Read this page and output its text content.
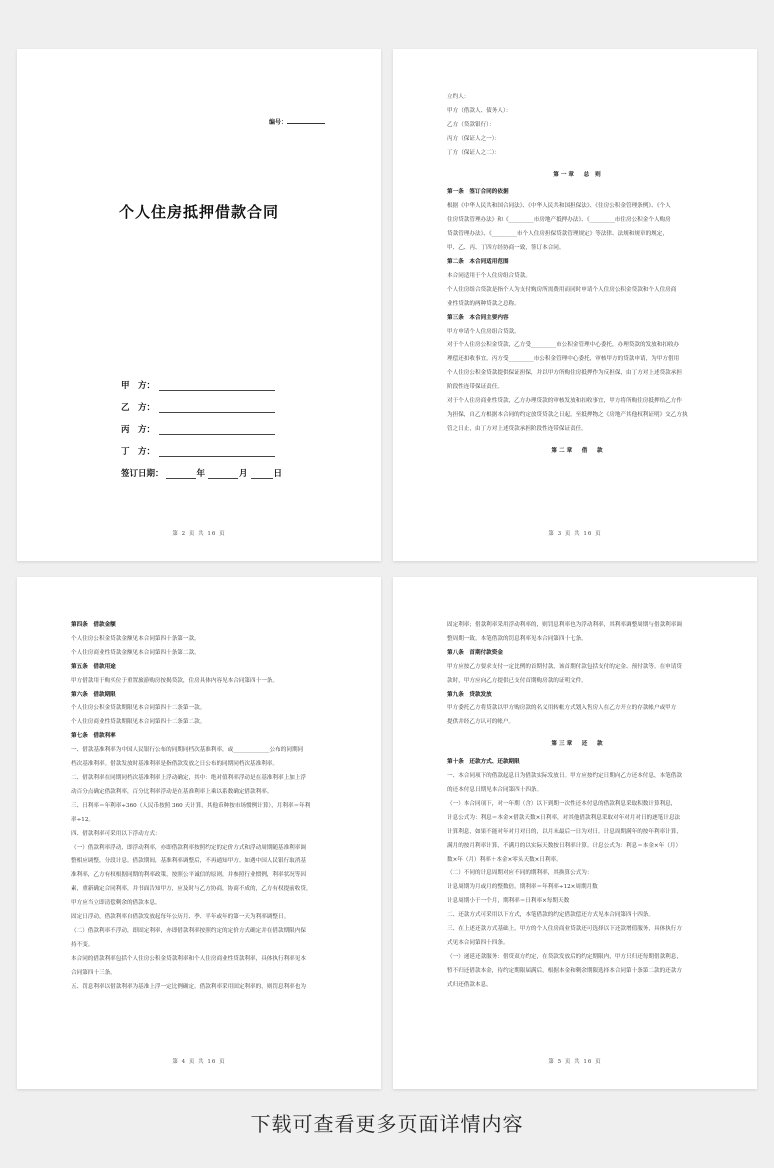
编号：
个人住房抵押借款合同
甲　方：
乙　方：
丙　方：
丁　方：
签订日期：	年	月	日
第 2 页 共 16 页
立约人：
甲方（借款人、债务人）：
乙方（贷款银行）：
丙方（保证人之一）：
丁方（保证人之二）：
第一章　总 则
第一条　签订合同的依据
根据《中华人民共和国合同法》、《中华人民共和国担保法》、《住房公积金管理条例》、《个人
住房贷款管理办法》和《_________市房地产抵押办法》、《_________市住房公积金个人购房
贷款管理办法》、《_________市个人住房担保贷款管理规定》等法律、法规和规章的规定，
甲、乙、丙、丁四方经协商一致，签订本合同。
第二条　本合同适用范围
本合同适用于个人住房组合贷款。
个人住房组合贷款是指个人为支付购房所需费用而同时申请个人住房公积金贷款和个人住房商
业性贷款的两种贷款之总称。
第三条　本合同主要内容
甲方申请个人住房组合贷款。
对于个人住房公积金贷款，乙方受_________市公积金管理中心委托，办理贷款的发放和扣收办
理偿还扣收事宜，丙方受_________市公积金管理中心委托，审核甲方的贷款申请，为甲方借用
个人住房公积金贷款提供保证担保，并以甲方所购住房抵押作为反担保，由丁方对上述贷款承担
阶段性连带保证责任。
对于个人住房商业性贷款，乙方办理贷款的审核发放和扣收事宜，甲方将所购住房抵押给乙方作
为担保，自乙方根据本合同的约定放贷贷款之日起，至抵押物之《房地产其他权利证明》交乙方执
管之日止，由丁方对上述贷款承担阶段性连带保证责任。
第二章　借　款
第 3 页 共 16 页
第四条　借款金额
个人住房公积金贷款金额见本合同第四十条第一款。
个人住房商业性贷款金额见本合同第四十条第二款。
第五条　借款用途
甲方借款用于购买位于重置旅游购房按揭贷款，住房具体内容见本合同第四十一条。
第六条　借款期限
个人住房公积金贷款期限见本合同第四十二条第一款。
个人住房商业性贷款期限见本合同第四十二条第二款。
第七条　借款利率
一、借款基准利率为中国人民银行公布的同期同档次基准利率，或_____________公布的同期同
档次基准利率。借款发放时基准利率是指借款发放之日公布的同期同档次基准利率。
二、借款利率在同期同档次基准利率上浮动确定，其中：绝对值利率浮动是在基准利率上加上浮
动百分点确定借款利率，百分比利率浮动是在基准利率上乘以系数确定借款利率。
三、日利率＝年利率÷360（人民币按照 360 天计算，其他币种按市场惯例计算），月利率＝年利
率÷12。
四、借款利率可采用以下浮动方式：
（一）借款利率浮动，即浮动利率，亦即借款利率按照约定的定价方式和浮动周期随基准利率调
整相应调整，分段计息。借款期间，基准利率调整后，不再通知甲方。如遇中国人民银行取消基
准利率，乙方有权根据同期的利率政策，按照公平诚信的原则，并参照行业惯例，利率状况等因
素，重新确定合同利率，并书面告知甲方，应及时与乙方协商，协商不成的，乙方有权提前收贷，
甲方应当立即清偿剩余的借款本息。
固定日浮动，借款利率自借款发放起每年公历月、季、半年或年的第一天为利率调整日。
（二）借款利率不浮动，即固定利率，亦即借款利率按照约定的定价方式确定并在借款期限内保
持不变。
本合同的借款利率包括个人住房公积金贷款利率和个人住房商业性贷款利率，具体执行利率见本
合同第四十三条。
五、罚息利率以借款利率为基准上浮一定比例确定。借款利率采用固定利率的，则罚息利率也为
第 4 页 共 16 页
固定利率；借款利率采用浮动利率的，则罚息利率也为浮动利率，其利率调整周期与借款利率调
整周期一致。本笔借款的罚息利率见本合同第四十七条。
第八条　首期付款资金
甲方应按乙方要求支付一定比例的首期付款，该首期付款包括支付的定金、预付款等。在申请贷
款时，甲方应向乙方提供已支付首期购房款的证明文件。
第九条　贷款发放
甲方委托乙方将贷款以甲方购房款的名义用转帐方式划入售房人在乙方开立的存款帐户或甲方
提供并经乙方认可的帐户。
第三章　还　款
第十条　还款方式、还款期限
一、本合同项下的借款起息日为借款实际发放日。甲方应按约定日期向乙方还本付息，本笔借款
的还本付息日期见本合同第四十四条。
（一）本合同项下，对一年期（含）以下到期一次性还本付息的借款利息采取积数计算利息，
计息公式为：利息＝本金×借款天数×日利率，对其他借款利息采取对年对月对日的逐笔计息法
计算利息，如果不能对年对月对日的，以月末最后一日为对日。计息周期满年的按年利率计算，
满月的按月利率计算，不满月的以实际天数按日利率计算。计息公式为：利息＝本金×年（月）
数×年（月）利率＋本金×零头天数×日利率。
（二）不同的计息周期对应不同的期利率，其换算公式为：
计息周期为月或月的整数倍，期利率＝年利率÷12×周期月数
计息周期小于一个月，期利率＝日利率×每期天数
二、还款方式可采用以下方式，本笔借款的约定借款偿还方式见本合同第四十四条。
三、在上述还款方式基础上，甲方的个人住房商业贷款还可选择以下还款增值服务，具体执行方
式见本合同第四十四条。
（一）递延还款服务：借贷双方约定，在贷款发放后的约定期限内，甲方只归还每期借款利息，
暂不归还借款本金，待约定期限届满后，根据本金和剩余期限选择本合同第十条第二款的还款方
式归还借款本息。
第 5 页 共 16 页
下载可查看更多页面详情内容
